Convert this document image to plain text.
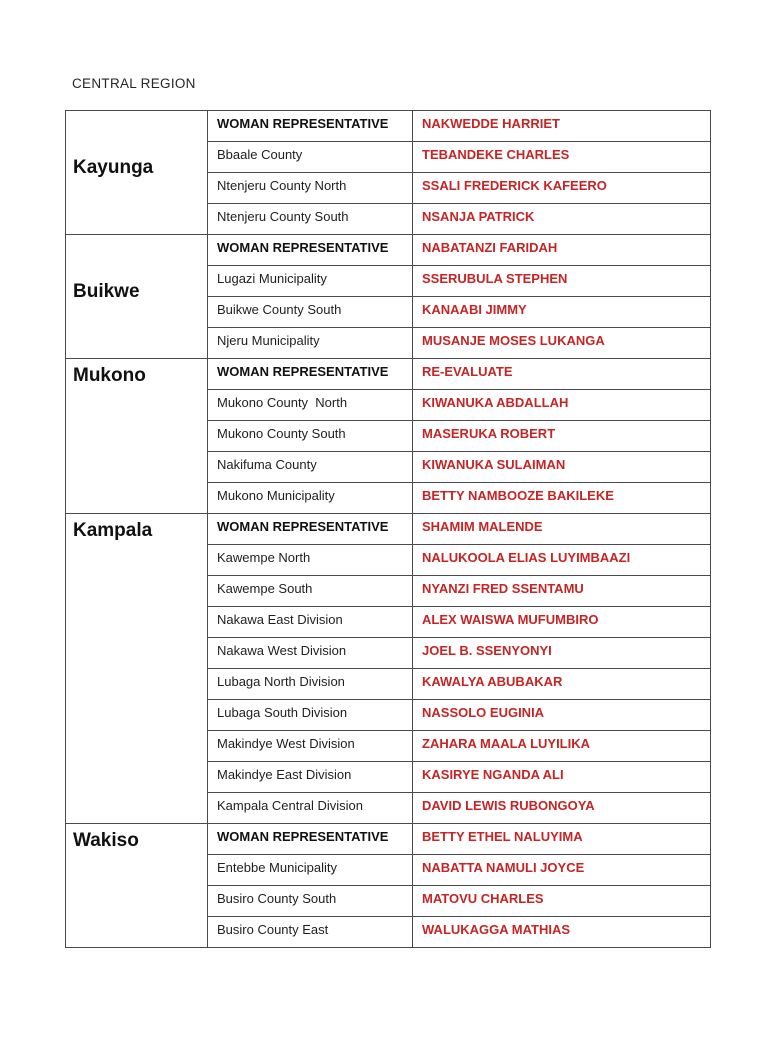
CENTRAL REGION
Kayunga	WOMAN REPRESENTATIVE	NAKWEDDE HARRIET
	Bbaale County	TEBANDEKE CHARLES
	Ntenjeru County North	SSALI FREDERICK KAFEERO
	Ntenjeru County South	NSANJA PATRICK
Buikwe	WOMAN REPRESENTATIVE	NABATANZI FARIDAH
	Lugazi Municipality	SSERUBULA STEPHEN
	Buikwe County South	KANAABI JIMMY
	Njeru Municipality	MUSANJE MOSES LUKANGA
Mukono	WOMAN REPRESENTATIVE	RE-EVALUATE
	Mukono County  North	KIWANUKA ABDALLAH
	Mukono County South	MASERUKA ROBERT
	Nakifuma County	KIWANUKA SULAIMAN
	Mukono Municipality	BETTY NAMBOOZE BAKILEKE
Kampala	WOMAN REPRESENTATIVE	SHAMIM MALENDE
	Kawempe North	NALUKOOLA ELIAS LUYIMBAAZI
	Kawempe South	NYANZI FRED SSENTAMU
	Nakawa East Division	ALEX WAISWA MUFUMBIRO
	Nakawa West Division	JOEL B. SSENYONYI
	Lubaga North Division	KAWALYA ABUBAKAR
	Lubaga South Division	NASSOLO EUGINIA
	Makindye West Division	ZAHARA MAALA LUYILIKA
	Makindye East Division	KASIRYE NGANDA ALI
	Kampala Central Division	DAVID LEWIS RUBONGOYA
Wakiso	WOMAN REPRESENTATIVE	BETTY ETHEL NALUYIMA
	Entebbe Municipality	NABATTA NAMULI JOYCE
	Busiro County South	MATOVU CHARLES
	Busiro County East	WALUKAGGA MATHIAS
